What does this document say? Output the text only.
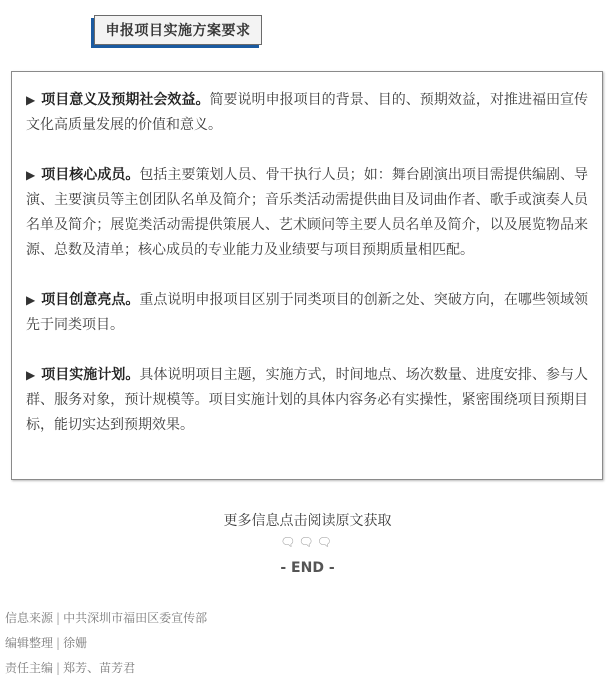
申报项目实施方案要求

▶ 项目意义及预期社会效益。简要说明申报项目的背景、目的、预期效益，对推进福田宣传文化高质量发展的价值和意义。

▶ 项目核心成员。包括主要策划人员、骨干执行人员；如：舞台剧演出项目需提供编剧、导演、主要演员等主创团队名单及简介；音乐类活动需提供曲目及词曲作者、歌手或演奏人员名单及简介；展览类活动需提供策展人、艺术顾问等主要人员名单及简介，以及展览物品来源、总数及清单；核心成员的专业能力及业绩要与项目预期质量相匹配。

▶ 项目创意亮点。重点说明申报项目区别于同类项目的创新之处、突破方向，在哪些领域领先于同类项目。

▶ 项目实施计划。具体说明项目主题，实施方式，时间地点、场次数量、进度安排、参与人群、服务对象，预计规模等。项目实施计划的具体内容务必有实操性，紧密围绕项目预期目标，能切实达到预期效果。

更多信息点击阅读原文获取
🗨🗨🗨
- END -
信息来源 | 中共深圳市福田区委宣传部
编辑整理 | 徐姗
责任主编 | 郑芳、苗芳君
